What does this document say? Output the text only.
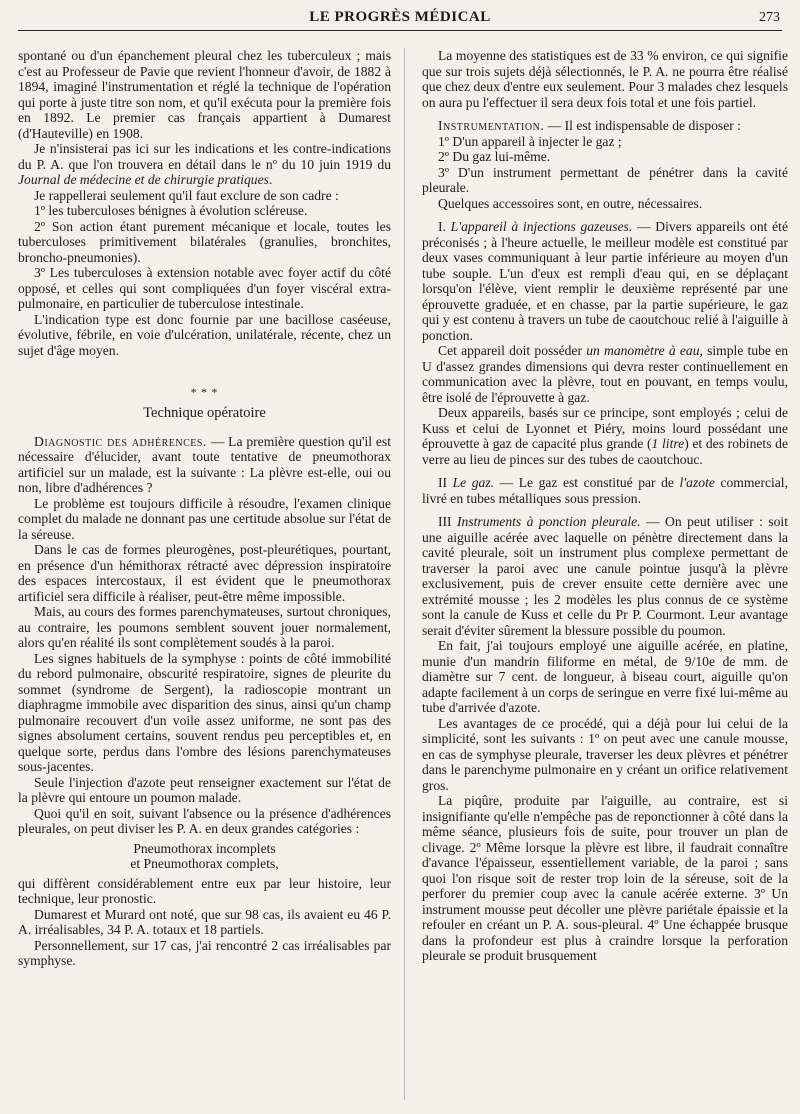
LE PROGRÈS MÉDICAL	273

spontané ou d'un épanchement pleural chez les tuberculeux ; mais c'est au Professeur de Pavie que revient l'honneur d'avoir, de 1882 à 1894, imaginé l'instrumentation et réglé la technique de l'opération qui porte à juste titre son nom, et qu'il exécuta pour la première fois en 1892. Le premier cas français appartient à Dumarest (d'Hauteville) en 1908.

Je n'insisterai pas ici sur les indications et les contre-indications du P. A. que l'on trouvera en détail dans le nº du 10 juin 1919 du Journal de médecine et de chirurgie pratiques.

Je rappellerai seulement qu'il faut exclure de son cadre :

1º les tuberculoses bénignes à évolution scléreuse.

2º Son action étant purement mécanique et locale, toutes les tuberculoses primitivement bilatérales (granulies, bronchites, broncho-pneumonies).

3º Les tuberculoses à extension notable avec foyer actif du côté opposé, et celles qui sont compliquées d'un foyer viscéral extra-pulmonaire, en particulier de tuberculose intestinale.

L'indication type est donc fournie par une bacillose caséeuse, évolutive, fébrile, en voie d'ulcération, unilatérale, récente, chez un sujet d'âge moyen.

* * *
Technique opératoire

Diagnostic des adhérences. — La première question qu'il est nécessaire d'élucider, avant toute tentative de pneumothorax artificiel sur un malade, est la suivante : La plèvre est-elle, oui ou non, libre d'adhérences ?

Le problème est toujours difficile à résoudre, l'examen clinique complet du malade ne donnant pas une certitude absolue sur l'état de la séreuse.

Dans le cas de formes pleurogènes, post-pleurétiques, pourtant, en présence d'un hémithorax rétracté avec dépression inspiratoire des espaces intercostaux, il est évident que le pneumothorax artificiel sera difficile à réaliser, peut-être même impossible.

Mais, au cours des formes parenchymateuses, surtout chroniques, au contraire, les poumons semblent souvent jouer normalement, alors qu'en réalité ils sont complètement soudés à la paroi.

Les signes habituels de la symphyse : points de côté immobilité du rebord pulmonaire, obscurité respiratoire, signes de pleurite du sommet (syndrome de Sergent), la radioscopie montrant un diaphragme immobile avec disparition des sinus, ainsi qu'un champ pulmonaire recouvert d'un voile assez uniforme, ne sont pas des signes absolument certains, souvent rendus peu perceptibles et, en quelque sorte, perdus dans l'ombre des lésions parenchymateuses sous-jacentes.

Seule l'injection d'azote peut renseigner exactement sur l'état de la plèvre qui entoure un poumon malade.

Quoi qu'il en soit, suivant l'absence ou la présence d'adhérences pleurales, on peut diviser les P. A. en deux grandes catégories :

Pneumothorax incomplets

et Pneumothorax complets,

qui diffèrent considérablement entre eux par leur histoire, leur technique, leur pronostic.

Dumarest et Murard ont noté, que sur 98 cas, ils avaient eu 46 P. A. irréalisables, 34 P. A. totaux et 18 partiels.

Personnellement, sur 17 cas, j'ai rencontré 2 cas irréalisables par symphyse.

La moyenne des statistiques est de 33 % environ, ce qui signifie que sur trois sujets déjà sélectionnés, le P. A. ne pourra être réalisé que chez deux d'entre eux seulement. Pour 3 malades chez lesquels on aura pu l'effectuer il sera deux fois total et une fois partiel.

Instrumentation. — Il est indispensable de disposer :

1º D'un appareil à injecter le gaz ;

2º Du gaz lui-même.

3º D'un instrument permettant de pénétrer dans la cavité pleurale.

Quelques accessoires sont, en outre, nécessaires.

I. L'appareil à injections gazeuses. — Divers appareils ont été préconisés ; à l'heure actuelle, le meilleur modèle est constitué par deux vases communiquant à leur partie inférieure au moyen d'un tube souple. L'un d'eux est rempli d'eau qui, en se déplaçant lorsqu'on l'élève, vient remplir le deuxième représenté par une éprouvette graduée, et en chasse, par la partie supérieure, le gaz qui y est contenu à travers un tube de caoutchouc relié à l'aiguille à ponction.

Cet appareil doit posséder un manomètre à eau, simple tube en U d'assez grandes dimensions qui devra rester continuellement en communication avec la plèvre, tout en pouvant, en temps voulu, être isolé de l'éprouvette à gaz.

Deux appareils, basés sur ce principe, sont employés ; celui de Kuss et celui de Lyonnet et Piéry, moins lourd possédant une éprouvette à gaz de capacité plus grande (1 litre) et des robinets de verre au lieu de pinces sur des tubes de caoutchouc.

II Le gaz. — Le gaz est constitué par de l'azote commercial, livré en tubes métalliques sous pression.

III Instruments à ponction pleurale. — On peut utiliser : soit une aiguille acérée avec laquelle on pénètre directement dans la cavité pleurale, soit un instrument plus complexe permettant de traverser la paroi avec une canule pointue jusqu'à la plèvre exclusivement, puis de crever ensuite cette dernière avec une extrémité mousse ; les 2 modèles les plus connus de ce système sont la canule de Kuss et celle du Pr P. Courmont. Leur avantage serait d'éviter sûrement la blessure possible du poumon.

En fait, j'ai toujours employé une aiguille acérée, en platine, munie d'un mandrin filiforme en métal, de 9/10e de mm. de diamètre sur 7 cent. de longueur, à biseau court, aiguille qu'on adapte facilement à un corps de seringue en verre fixé lui-même au tube d'arrivée d'azote.

Les avantages de ce procédé, qui a déjà pour lui celui de la simplicité, sont les suivants : 1º on peut avec une canule mousse, en cas de symphyse pleurale, traverser les deux plèvres et pénétrer dans le parenchyme pulmonaire en y créant un orifice relativement gros.

La piqûre, produite par l'aiguille, au contraire, est si insignifiante qu'elle n'empêche pas de reponctionner à côté dans la même séance, plusieurs fois de suite, pour trouver un plan de clivage. 2º Même lorsque la plèvre est libre, il faudrait connaître d'avance l'épaisseur, essentiellement variable, de la paroi ; sans quoi l'on risque soit de rester trop loin de la séreuse, soit de la perforer du premier coup avec la canule acérée externe. 3º Un instrument mousse peut décoller une plèvre pariétale épaissie et la refouler en créant un P. A. sous-pleural. 4º Une échappée brusque dans la profondeur est plus à craindre lorsque la perforation pleurale se produit brusquement
